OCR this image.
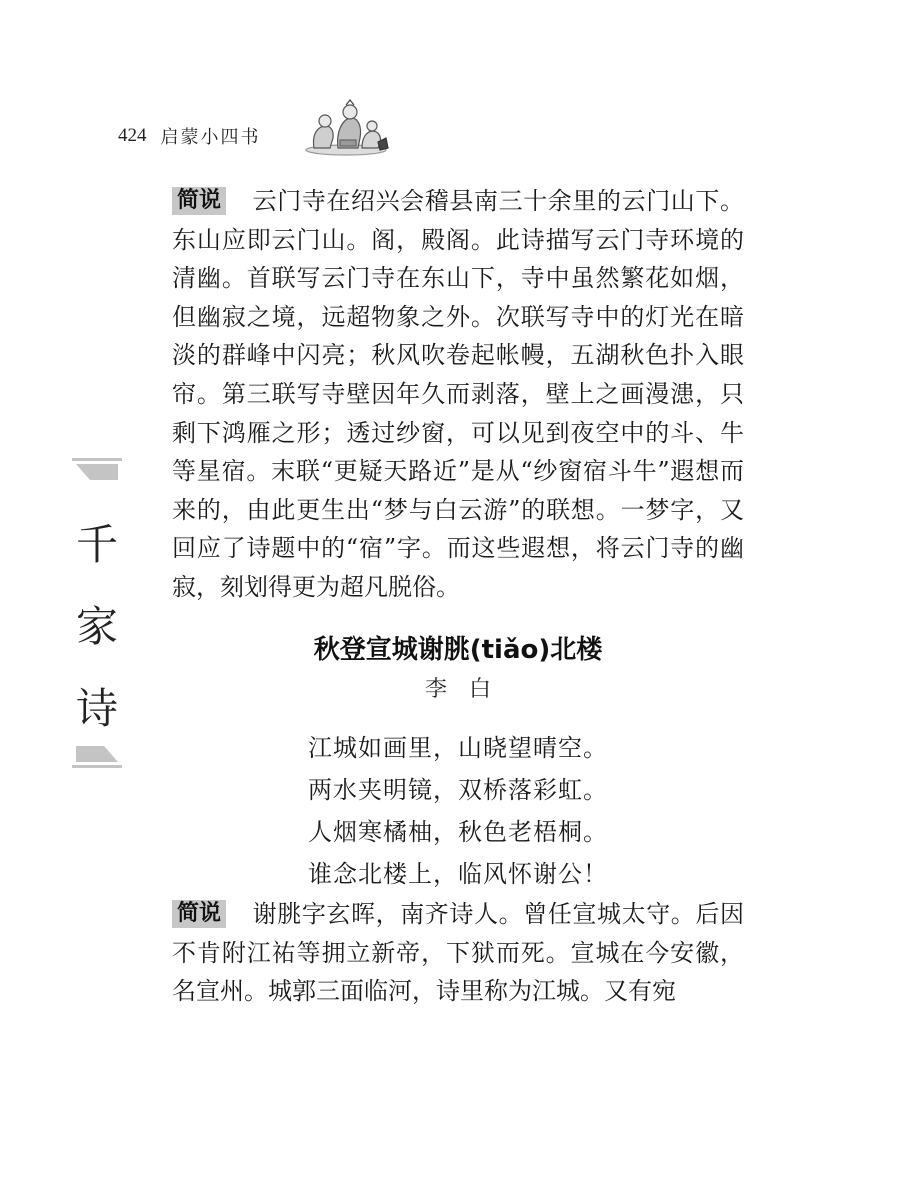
424 启蒙小四书
千
家
诗
简说 云门寺在绍兴会稽县南三十余里的云门山下。东山应即云门山。阁，殿阁。此诗描写云门寺环境的清幽。首联写云门寺在东山下，寺中虽然繁花如烟，但幽寂之境，远超物象之外。次联写寺中的灯光在暗淡的群峰中闪亮；秋风吹卷起帐幔，五湖秋色扑入眼帘。第三联写寺壁因年久而剥落，壁上之画漫漶，只剩下鸿雁之形；透过纱窗，可以见到夜空中的斗、牛等星宿。末联“更疑天路近”是从“纱窗宿斗牛”遐想而来的，由此更生出“梦与白云游”的联想。一梦字，又回应了诗题中的“宿”字。而这些遐想，将云门寺的幽寂，刻划得更为超凡脱俗。
秋登宣城谢朓(tiǎo)北楼
李白
江城如画里，山晓望晴空。
两水夹明镜，双桥落彩虹。
人烟寒橘柚，秋色老梧桐。
谁念北楼上，临风怀谢公！
简说 谢朓字玄晖，南齐诗人。曾任宣城太守。后因不肯附江祐等拥立新帝，下狱而死。宣城在今安徽，名宣州。城郭三面临河，诗里称为江城。又有宛
